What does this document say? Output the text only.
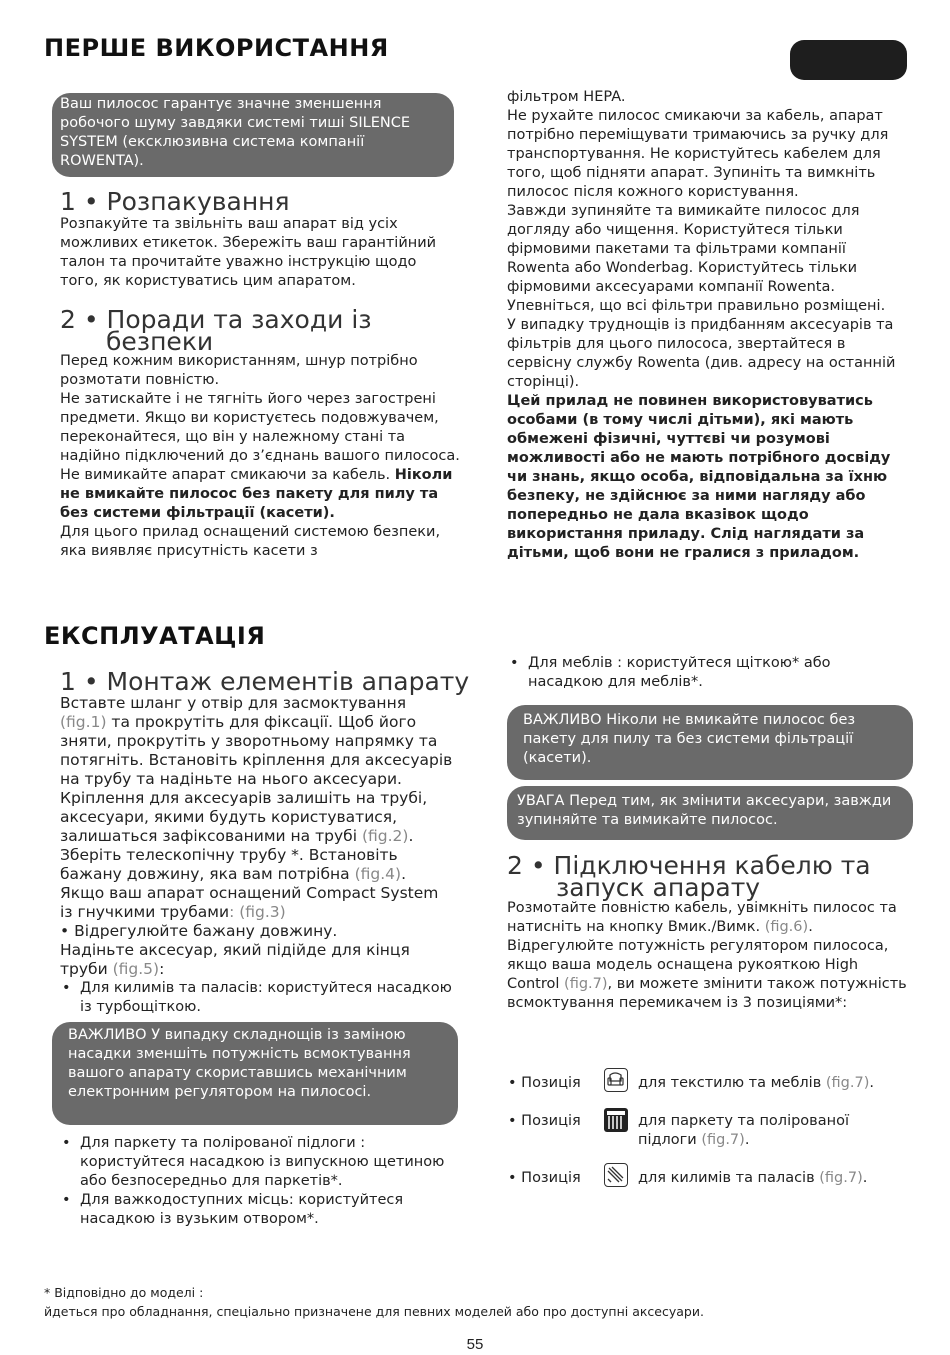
ПЕРШЕ ВИКОРИСТАННЯ
Ваш пилосос гарантує значне зменшення робочого шуму завдяки системі тиші SILENCE SYSTEM (ексклюзивна система компанії ROWENTA).
1 • Розпакування
Розпакуйте та звільніть ваш апарат від усіх можливих етикеток. Збережіть ваш гарантійний талон та прочитайте уважно інструкцію щодо того, як користуватись цим апаратом.
2 • Поради та заходи із
безпеки

Перед кожним використанням, шнур потрібно розмотати повністю.

Не затискайте і не тягніть його через загострені предмети. Якщо ви користуєтесь подовжувачем, переконайтеся, що він у належному стані та надійно підключений до з’єднань вашого пилососа.

Не вимикайте апарат смикаючи за кабель. Ніколи не вмикайте пилосос без пакету для пилу та без системи фільтрації (касети).

Для цього прилад оснащений системою безпеки, яка виявляє присутність касети з

фільтром HEPA.

Не рухайте пилосос смикаючи за кабель, апарат потрібно переміщувати тримаючись за ручку для транспортування. Не користуйтесь кабелем для того, щоб підняти апарат. Зупиніть та вимкніть пилосос після кожного користування.

Завжди зупиняйте та вимикайте пилосос для догляду або чищення. Користуйтеся тільки фірмовими пакетами та фільтрами компанії Rowenta або Wonderbag. Користуйтесь тільки фірмовими аксесуарами компанії Rowenta.

Упевніться, що всі фільтри правильно розміщені.

У випадку труднощів із придбанням аксесуарів та фільтрів для цього пилососа, звертайтеся в сервісну службу Rowenta (див. адресу на останній сторінці).

Цей прилад не повинен використовуватись особами (в тому числі дітьми), які мають обмежені фізичні, чуттєві чи розумові можливості або не мають потрібного досвіду чи знань, якщо особа, відповідальна за їхню безпеку, не здійснює за ними нагляду або попередньо не дала вказівок щодо використання приладу. Слід наглядати за дітьми, щоб вони не гралися з приладом.

ЕКСПЛУАТАЦІЯ
1 • Монтаж елементів апарату

Вставте шланг у отвір для засмоктування (fig.1) та прокрутіть для фіксації. Щоб його зняти, прокрутіть у зворотньому напрямку та потягніть. Встановіть кріплення для аксесуарів на трубу та надіньте на нього аксесуари. Кріплення для аксесуарів залишіть на трубі, аксесуари, якими будуть користуватися, залишаться зафіксованими на трубі (fig.2).

Зберіть телескопічну трубу *. Встановіть бажану довжину, яка вам потрібна (fig.4).

Якщо ваш апарат оснащений Compact System із гнучкими трубами: (fig.3)

• Відрегулюйте бажану довжину.

Надіньте аксесуар, який підійде для кінця труби (fig.5):

• Для килимів та паласів: користуйтеся насадкою із турбощіткою.
ВАЖЛИВО У випадку складнощів із заміною насадки зменшіть потужність всмоктування вашого апарату скориставшись механічним електронним регулятором на пилососі.
• Для паркету та полірованої підлоги : користуйтеся насадкою із випускною щетиною або безпосередньо для паркетів*.
• Для важкодоступних місць: користуйтеся насадкою із вузьким отвором*.
• Для меблів : користуйтеся щіткою* або насадкою для меблів*.
ВАЖЛИВО Ніколи не вмикайте пилосос без пакету для пилу та без системи фільтрації (касети).
УВАГА Перед тим, як змінити аксесуари, завжди зупиняйте та вимикайте пилосос.
2 • Підключення кабелю та
запуск апарату

Розмотайте повністю кабель, увімкніть пилосос та натисніть на кнопку Вмик./Вимк. (fig.6).

Відрегулюйте потужність регулятором пилососа, якщо ваша модель оснащена рукояткою High Control (fig.7), ви можете змінити також потужність всмоктування перемикачем із 3 позиціями*:

• Позиція	для текстилю та меблів (fig.7).
• Позиція	для паркету та полірованої підлоги (fig.7).
• Позиція	для килимів та паласів (fig.7).
* Відповідно до моделі :
йдеться про обладнання, спеціально призначене для певних моделей або про доступні аксесуари.
55
